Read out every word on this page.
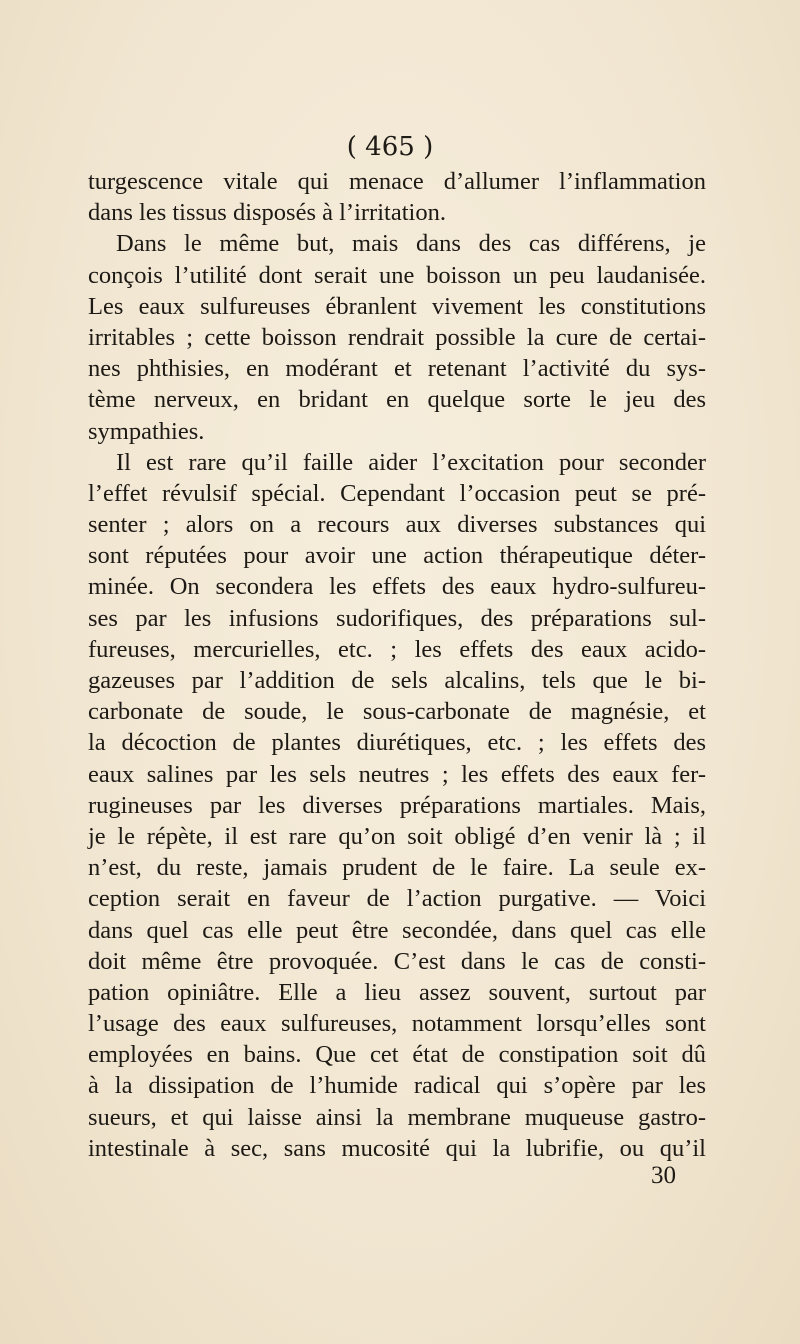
( 465 )
turgescence vitale qui menace d’allumer l’inflammation
dans les tissus disposés à l’irritation.
Dans le même but, mais dans des cas différens, je
conçois l’utilité dont serait une boisson un peu laudanisée.
Les eaux sulfureuses ébranlent vivement les constitutions
irritables ; cette boisson rendrait possible la cure de certai-
nes phthisies, en modérant et retenant l’activité du sys-
tème nerveux, en bridant en quelque sorte le jeu des
sympathies.
Il est rare qu’il faille aider l’excitation pour seconder
l’effet révulsif spécial. Cependant l’occasion peut se pré-
senter ; alors on a recours aux diverses substances qui
sont réputées pour avoir une action thérapeutique déter-
minée. On secondera les effets des eaux hydro-sulfureu-
ses par les infusions sudorifiques, des préparations sul-
fureuses, mercurielles, etc. ; les effets des eaux acido-
gazeuses par l’addition de sels alcalins, tels que le bi-
carbonate de soude, le sous-carbonate de magnésie, et
la décoction de plantes diurétiques, etc. ; les effets des
eaux salines par les sels neutres ; les effets des eaux fer-
rugineuses par les diverses préparations martiales. Mais,
je le répète, il est rare qu’on soit obligé d’en venir là ; il
n’est, du reste, jamais prudent de le faire. La seule ex-
ception serait en faveur de l’action purgative. — Voici
dans quel cas elle peut être secondée, dans quel cas elle
doit même être provoquée. C’est dans le cas de consti-
pation opiniâtre. Elle a lieu assez souvent, surtout par
l’usage des eaux sulfureuses, notamment lorsqu’elles sont
employées en bains. Que cet état de constipation soit dû
à la dissipation de l’humide radical qui s’opère par les
sueurs, et qui laisse ainsi la membrane muqueuse gastro-
intestinale à sec, sans mucosité qui la lubrifie, ou qu’il
30
